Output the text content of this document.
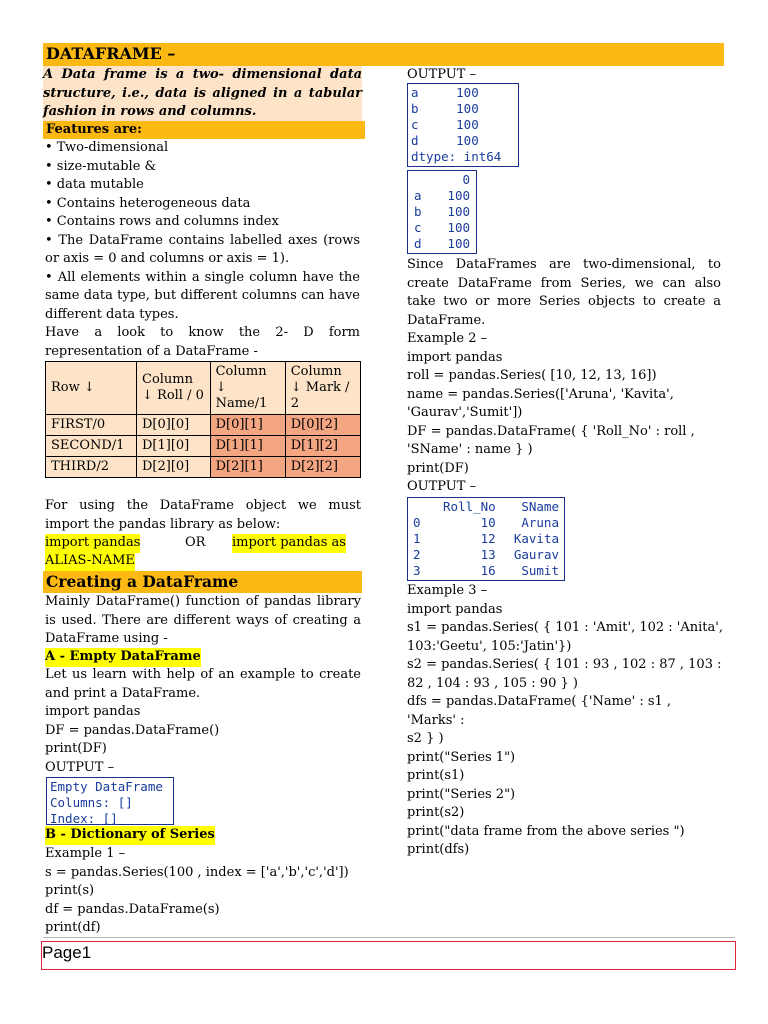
DATAFRAME –
A Data frame is a two- dimensional data structure, i.e., data is aligned in a tabular fashion in rows and columns.
Features are:
• Two-dimensional
• size-mutable &
• data mutable
• Contains heterogeneous data
• Contains rows and columns index
• The DataFrame contains labelled axes (rows or axis = 0 and columns or axis = 1).
• All elements within a single column have the same data type, but different columns can have different data types.
Have a look to know the 2- D form representation of a DataFrame -
Row ↓	Column ↓ Roll / 0	Column ↓ Name/1	Column ↓ Mark / 2
FIRST/0	D[0][0]	D[0][1]	D[0][2]
SECOND/1	D[1][0]	D[1][1]	D[1][2]
THIRD/2	D[2][0]	D[2][1]	D[2][2]
For using the DataFrame object we must import the pandas library as below:
import pandas	OR import pandas as
ALIAS-NAME
Creating a DataFrame
Mainly DataFrame() function of pandas library is used. There are different ways of creating a DataFrame using -
A - Empty DataFrame
Let us learn with help of an example to create and print a DataFrame.
import pandas
DF = pandas.DataFrame()
print(DF)
OUTPUT –
Empty DataFrame
Columns: []
Index: []
B - Dictionary of Series
Example 1 –
s = pandas.Series(100 , index = ['a','b','c','d'])
print(s)
df = pandas.DataFrame(s)
print(df)
OUTPUT –
a     100
b     100
c     100
d     100
dtype: int64
	0
a	100
b	100
c	100
d	100
Since DataFrames are two-dimensional, to create DataFrame from Series, we can also take two or more Series objects to create a DataFrame.
Example 2 –
import pandas
roll = pandas.Series( [10, 12, 13, 16])
name = pandas.Series(['Aruna', 'Kavita',
'Gaurav','Sumit'])
DF = pandas.DataFrame( { 'Roll_No' : roll ,
'SName' : name } )
print(DF)
OUTPUT –
	Roll_No	SName
0	10	Aruna
1	12	Kavita
2	13	Gaurav
3	16	Sumit
Example 3 –
import pandas
s1 = pandas.Series( { 101 : 'Amit', 102 : 'Anita',
103:'Geetu', 105:'Jatin'})
s2 = pandas.Series( { 101 : 93 , 102 : 87 , 103 :
82 , 104 : 93 , 105 : 90 } )
dfs = pandas.DataFrame( {'Name' : s1 , 'Marks' :
s2 } )
print("Series 1")
print(s1)
print("Series 2")
print(s2)
print("data frame from the above series ")
print(dfs)
Page1
